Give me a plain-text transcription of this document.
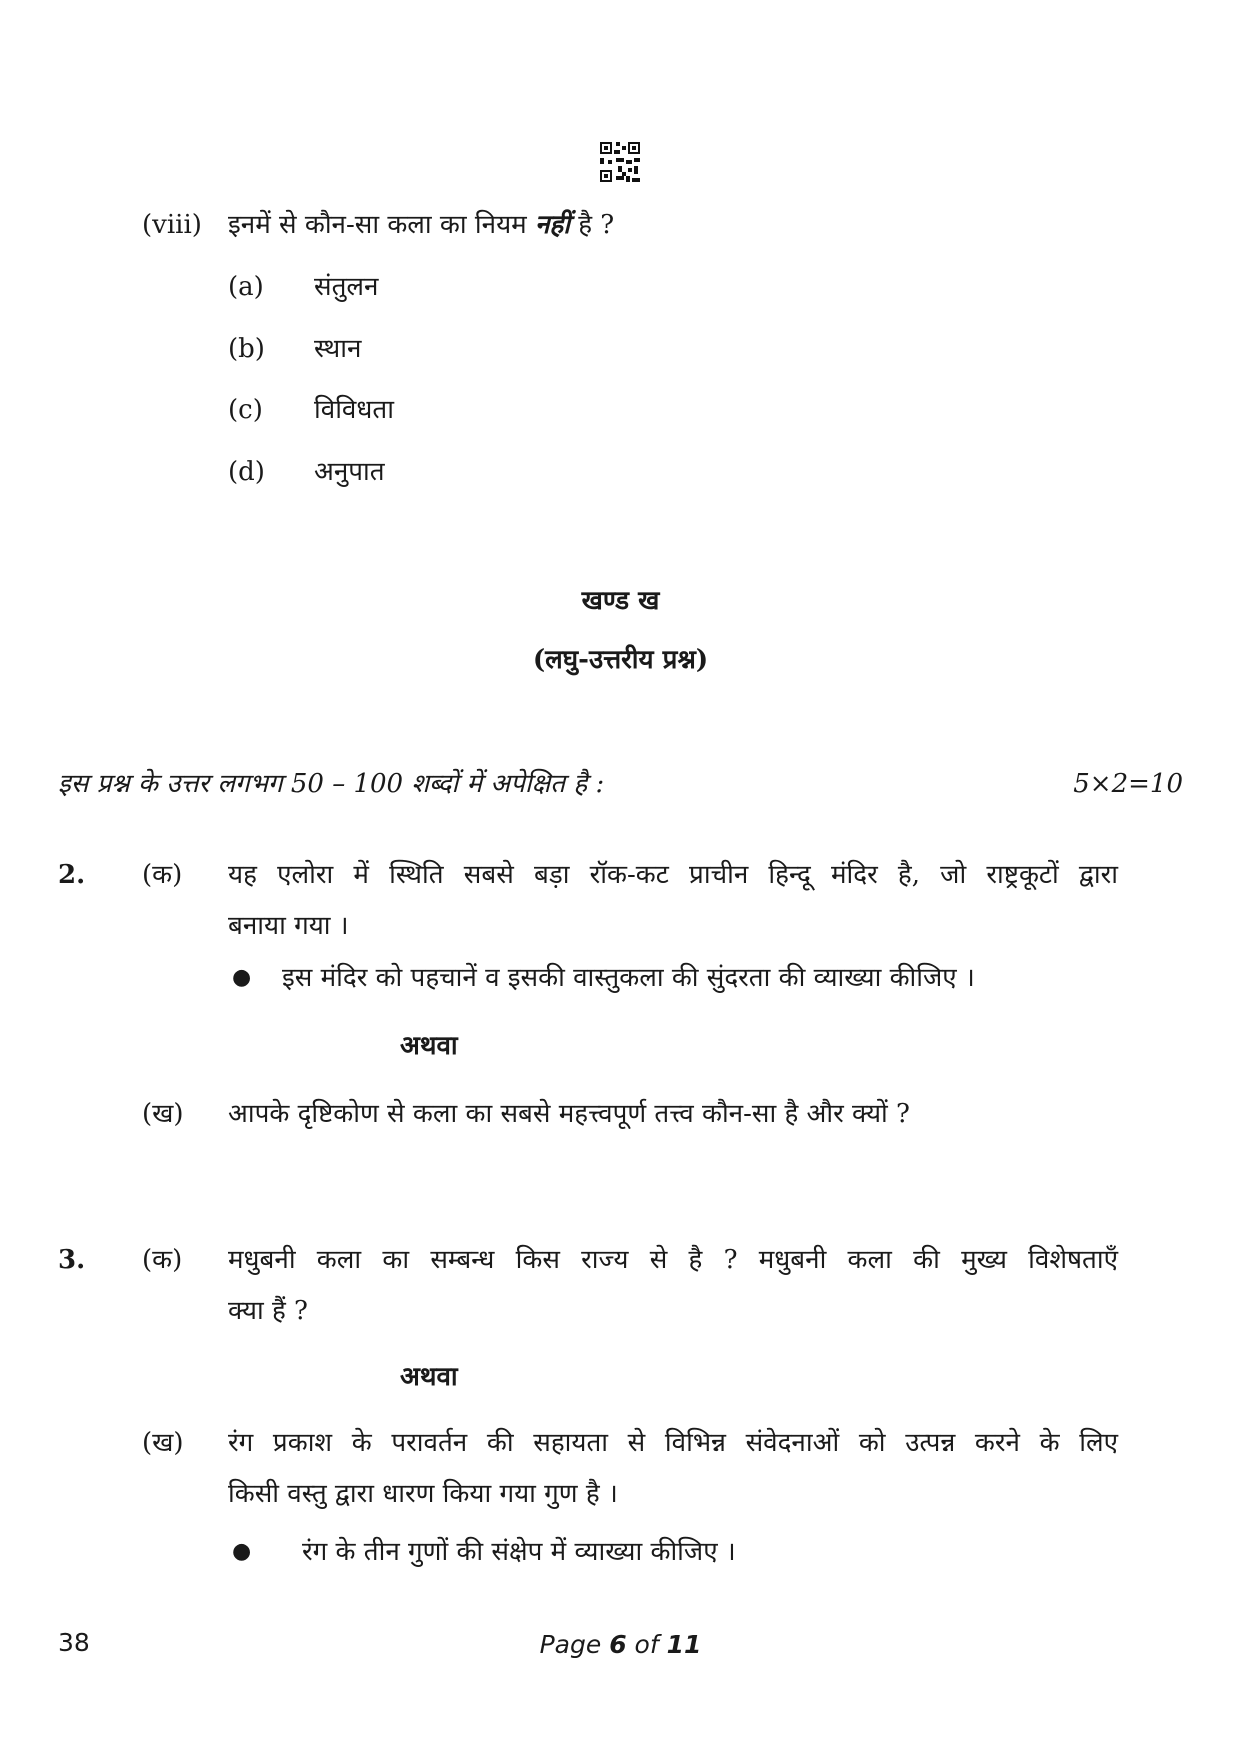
(viii) इनमें से कौन-सा कला का नियम नहीं है ?
(a) संतुलन
(b) स्थान
(c) विविधता
(d) अनुपात
खण्ड ख
(लघु-उत्तरीय प्रश्न)
इस प्रश्न के उत्तर लगभग 50 – 100 शब्दों में अपेक्षित है :	5×2=10
2. (क) यह एलोरा में स्थिति सबसे बड़ा रॉक-कट प्राचीन हिन्दू मंदिर है, जो राष्ट्रकूटों द्वारा
बनाया गया ।
● इस मंदिर को पहचानें व इसकी वास्तुकला की सुंदरता की व्याख्या कीजिए ।
अथवा
(ख) आपके दृष्टिकोण से कला का सबसे महत्त्वपूर्ण तत्त्व कौन-सा है और क्यों ?
3. (क) मधुबनी कला का सम्बन्ध किस राज्य से है ? मधुबनी कला की मुख्य विशेषताएँ
क्या हैं ?
अथवा
(ख) रंग प्रकाश के परावर्तन की सहायता से विभिन्न संवेदनाओं को उत्पन्न करने के लिए
किसी वस्तु द्वारा धारण किया गया गुण है ।
● रंग के तीन गुणों की संक्षेप में व्याख्या कीजिए ।
38	Page 6 of 11
